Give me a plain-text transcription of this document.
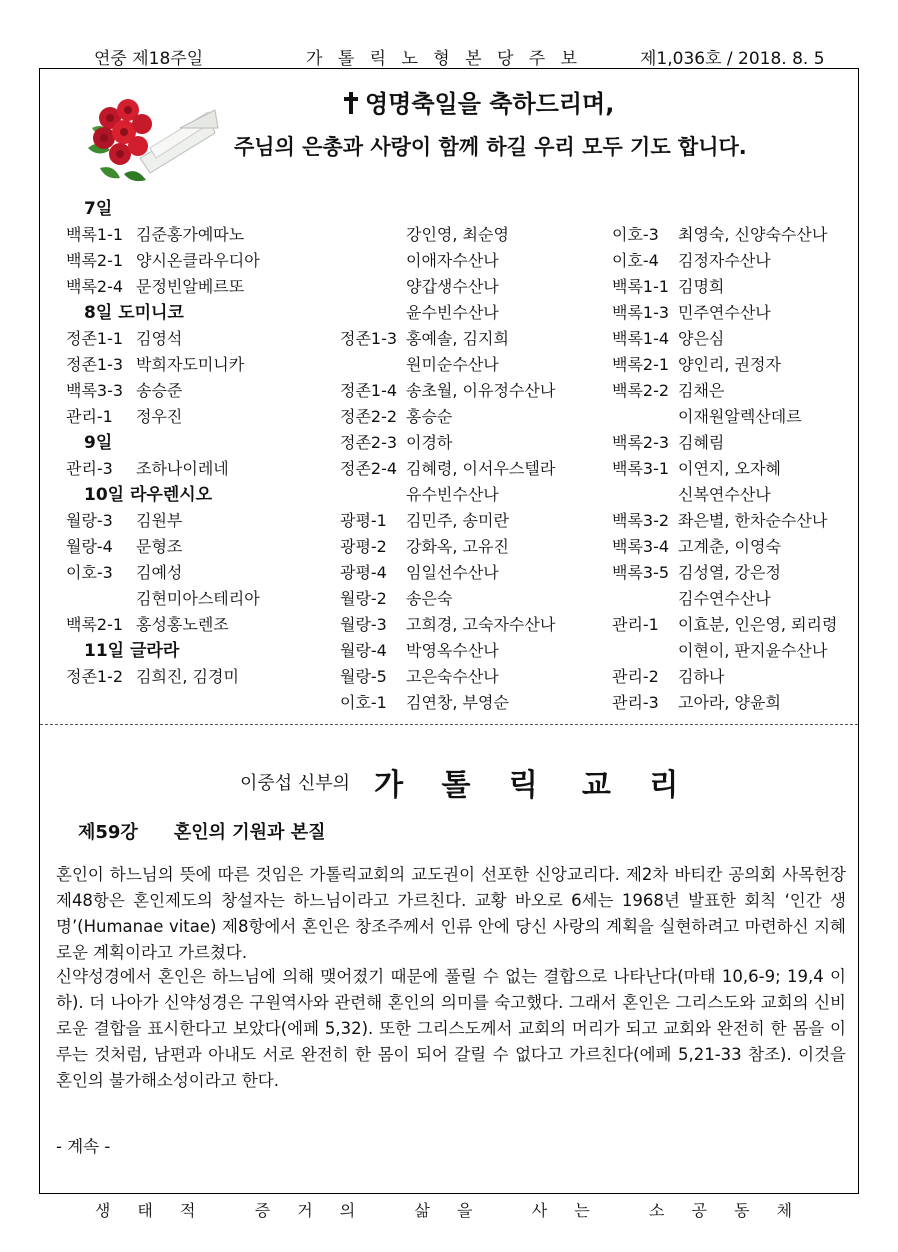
연중 제18주일	가 톨 릭 노 형 본 당 주 보	제1,036호 / 2018. 8. 5
영명축일을 축하드리며,
주님의 은총과 사랑이 함께 하길 우리 모두 기도 합니다.
7일
백록1-1 김준홍가예따노
백록2-1 양시온클라우디아
백록2-4 문정빈알베르또
8일 도미니코
정존1-1 김영석
정존1-3 박희자도미니카
백록3-3 송승준
관리-1 정우진
9일
관리-3 조하나이레네
10일 라우렌시오
월랑-3 김원부
월랑-4 문형조
이호-3 김예성
김현미아스테리아
백록2-1 홍성홍노렌조
11일 글라라
정존1-2 김희진, 김경미
강인영, 최순영
이애자수산나
양갑생수산나
윤수빈수산나
정존1-3 홍예솔, 김지희
원미순수산나
정존1-4 송초월, 이유정수산나
정존2-2 홍승순
정존2-3 이경하
정존2-4 김혜령, 이서우스텔라
유수빈수산나
광평-1 김민주, 송미란
광평-2 강화옥, 고유진
광평-4 임일선수산나
월랑-2 송은숙
월랑-3 고희경, 고숙자수산나
월랑-4 박영옥수산나
월랑-5 고은숙수산나
이호-1 김연창, 부영순
이호-3 최영숙, 신양숙수산나
이호-4 김정자수산나
백록1-1 김명희
백록1-3 민주연수산나
백록1-4 양은심
백록2-1 양인리, 권정자
백록2-2 김채은
이재원알렉산데르
백록2-3 김혜림
백록3-1 이연지, 오자혜
신복연수산나
백록3-2 좌은별, 한차순수산나
백록3-4 고계춘, 이영숙
백록3-5 김성열, 강은정
김수연수산나
관리-1 이효분, 인은영, 뢰리령
이현이, 판지윤수산나
관리-2 김하나
관리-3 고아라, 양윤희
이중섭 신부의 가 톨 릭 교 리
제59강 혼인의 기원과 본질
혼인이 하느님의 뜻에 따른 것임은 가톨릭교회의 교도권이 선포한 신앙교리다. 제2차 바티칸 공의회 사목헌장 제48항은 혼인제도의 창설자는 하느님이라고 가르친다. 교황 바오로 6세는 1968년 발표한 회칙 ‘인간 생명’(Humanae vitae) 제8항에서 혼인은 창조주께서 인류 안에 당신 사랑의 계획을 실현하려고 마련하신 지혜로운 계획이라고 가르쳤다.
신약성경에서 혼인은 하느님에 의해 맺어졌기 때문에 풀릴 수 없는 결합으로 나타난다(마태 10,6-9; 19,4 이하). 더 나아가 신약성경은 구원역사와 관련해 혼인의 의미를 숙고했다. 그래서 혼인은 그리스도와 교회의 신비로운 결합을 표시한다고 보았다(에페 5,32). 또한 그리스도께서 교회의 머리가 되고 교회와 완전히 한 몸을 이루는 것처럼, 남편과 아내도 서로 완전히 한 몸이 되어 갈릴 수 없다고 가르친다(에페 5,21-33 참조). 이것을 혼인의 불가해소성이라고 한다.
- 계속 -
생 태 적   증 거 의   삶 을   사 는   소 공 동 체
